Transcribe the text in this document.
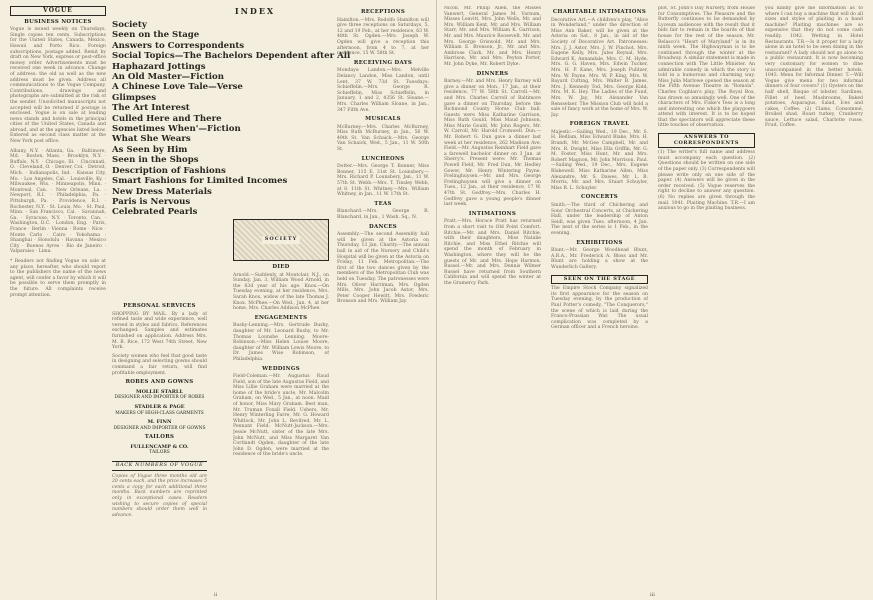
VOGUE
BUSINESS NOTICES
Vogue is issued weekly on Thursdays. Single copies ten cents. Subscriptions for the United States, Canada, Mexico, Hawaii and Porto Rico. Foreign subscriptions, postage added. Remit by draft on New York, express or post-office money order. Advertisements must be received one week in advance. Change of address: the old as well as the new address must be given. Address all communications to the Vogue Company. Contributions, drawings and photographs are submitted at the risk of the sender. Unsolicited manuscripts not accepted will be returned if postage is enclosed. Vogue is on sale at leading news stands and hotels in the principal cities of the United States, Canada and abroad, and at the agencies listed below. Entered as second class matter at the New York post office.
Albany, N.Y. · Atlanta, Ga. · Baltimore, Md. · Boston, Mass. · Brooklyn, N.Y. · Buffalo, N.Y. · Chicago, Ill. · Cincinnati, O. · Cleveland, O. · Denver, Col. · Detroit, Mich. · Indianapolis, Ind. · Kansas City, Mo. · Los Angeles, Cal. · Louisville, Ky. · Milwaukee, Wis. · Minneapolis, Minn. · Montreal, Can. · New Orleans, La. · Newport, R.I. · Philadelphia, Pa. · Pittsburgh, Pa. · Providence, R.I. · Rochester, N.Y. · St. Louis, Mo. · St. Paul, Minn. · San Francisco, Cal. · Savannah, Ga. · Syracuse, N.Y. · Toronto, Can. · Washington, D.C. · London, Eng. · Paris, France · Berlin · Vienna · Rome · Nice · Monte Carlo · Cairo · Yokohama · Shanghai · Honolulu · Havana · Mexico City · Buenos Ayres · Rio de Janeiro · Valparaiso · Lima.
* Readers not finding Vogue on sale at any place, hereafter, who should report to the publishers the name of the news agent, will confer a favor by which it will be possible to serve them promptly in the future. All complaints receive prompt attention.
PERSONAL SERVICES
SHOPPING BY MAIL. By a lady of refined taste and wide experience, well versed in styles and fabrics. References exchanged. Samples and estimates furnished on application. Address Mrs. M. B. Rice, 172 West 74th Street, New York.
Society women who feel that good taste in designing and selecting gowns should command a fair return, will find profitable employment.
ROBES AND GOWNS
MOLLIE STARLL
DESIGNER AND IMPORTER OF ROBES
STADLER & PAGE
MAKERS OF HIGH-CLASS GARMENTS
M. FINN
DESIGNER AND IMPORTER OF GOWNS
TAILORS
FULLENCAMP & CO.
TAILORS
BACK NUMBERS OF VOGUE
Copies of Vogue three months old are 20 cents each, and the price increases 5 cents a copy for each additional three months. Back numbers are reprinted only in exceptional cases. Readers wishing to secure copies of special numbers should order them well in advance.
INDEX
Society
Seen on the Stage
Answers to Correspondents
Social Topics—The Bachelors Dependent after All
Haphazard Jottings
An Old Master—Fiction
A Chinese Love Tale—Verse
Glimpses
The Art Interest
Culled Here and There
Sometimes When'—Fiction
What She Wears
As Seen by Him
Seen in the Shops
Description of Fashions
Smart Fashions for Limited Incomes
New Dress Materials
Paris is Nervous
Celebrated Pearls
SOCIETY
DIED
Arnold.—Suddenly, at Montclair, N.J., on Sunday, Jan. 3, William Wood Arnold, in the 63d year of his age. Knox.—On Tuesday evening, at her residence, Mrs. Sarah Knox, widow of the late Thomas J. Knox. McPhee.—On Wed., Jan. 4, at her home, Mrs. Charles Addison McPhee.
ENGAGEMENTS
Bushy-Lenning.—Mrs. Gertrude Bushy, daughter of Mr. Leonard Bushy, to Mr. Thomas Lounsbe Lenning. Moore-Robinson.—Miss Helen Louise Moore, daughter of Mr. William Lewis Moore, to Dr. James Wise Robinson, of Philadelphia.
WEDDINGS
Field-Coleman.—Mr. Augustus Raud Field, son of the late Augustus Field, and Miss Lillie Graham were married at the home of the bride's uncle, Mr. Malcolm Graham, on Wed., 5 Jan., at noon. Maid of honor, Miss Mary Graham. Best man, Mr. Truman Foxall Field. Ushers, Mr. Henry Winterling Farre, Mr. G. Howard Whitlock, Mr. John L. Revilred, Mr. L. Pennant Field. McNutt-Jackson.—Mrs. Jessie McNutt, sister of the late Mrs. John McNutt, and Miss Margaret Van Cortlandt Ogden, daughter of the late John D. Ogden, were married at the residence of the bride's uncle.
RECEPTIONS
Hamilton.—Mrs. Rodolfo Hamilton will give three receptions on Saturdays, 5, 12 and 19 Feb., at her residence, 63 W. 48th St. Ogden.—Mrs. Joseph W. Ogden will give a reception this afternoon, from 4 to 7, at her residence, 15 W. 58th St.
RECEIVING DAYS
Mondays: Landon.—Mrs. Melville Delancy Landon, Miss Landon, until Lent, 37 W. 73d St. Tuesdays: Schieffelin.—Mrs. George R. Schieffelin, Miss Schieffelin, in January, 1 and 2, 4356 St. Sloane.—Mrs. Charles William Sloane, in Jan., 347 Fifth Ave.
MUSICALS
McBurney.—Mrs. Charles McBurney, Miss Ruth McBurney, in Jan., 56 W. 49th St. Van Schaick.—Mrs. George Van Schaick, Wed., 5 Jan., 11 W. 50th St.
LUNCHEONS
Dotter.—Mrs. George T. Bonner, Miss Bonner, 115 E. 31st St. Lounsbery.—Mrs. Richard P. Lounsbery, Jan., 11 W. 57th St. Webb.—Mrs. T. Tinsley Webb, at 8. 11th St. Whitney.—Mrs. William Whitney, in Jan., 11 W. 17th St.
TEAS
Blanchard.—Mrs. George R. Blanchard, in Jan., 1 Wash. Sq., N.
DANCES
Assembly.—The second Assembly ball will be given at the Astoria on Thursday, 13 Jan. Charity.—The annual ball in aid of the Nursery and Child's Hospital will be given at the Astoria on Friday, 11 Feb. Metropolitan.—The first of the two dances given by the members of the Metropolitan Club was held on Tuesday. The patronesses were Mrs. Oliver Harriman, Mrs. Ogden Mills, Mrs. John Jacob Astor, Mrs. Peter Cooper Hewitt, Mrs. Frederic Bronson and Mrs. William Jay.
Nicoll, Mr. Philip Allen, the Misses Vanwert, General James M. Varnum, Misses Leavitt, Mrs. John Wells, Mr. and Mrs. William Kent, Mr. and Mrs. William Starr, Mr. and Mrs. William K. Garrison, Mr. and Mrs. Maurice Roosevelt, Mr. and Mrs. George Griswold, Mr. and Mrs. William E. Bronson, Jr., Mr. and Mrs. Ambrose Clark, Mr. and Mrs. Henry Harrison, Mr. and Mrs. Peyton Porter, Mr. John Dyke, Mr. Robert Dyke.
DINNERS
Barney.—Mr. and Mrs. Henry Barney will give a dinner on Mon., 17 Jan., at their residence, 77 W. 58th St. Carroll.—Mr. and Mrs. Charles Carroll of Baltimore gave a dinner on Thursday, before the Richmond County Horse Club ball. Guests were Miss Katharine Garrison, Miss Ruth Gould, Miss Maud Johnson, Miss Marie Gould, Mr. John Rogers, Mr. W. Carroll, Mr. Harold Cromwell. Dun.—Mr. Robert G. Dun gave a dinner last week at her residence, 262 Madison Ave. Field.—Mr. Augustus Reinhart Field gave a farewell bachelor dinner on 3 Jan. at Sherry's. Present were: Mr. Thomas Powell Field, Mr. Fred Dun, Mr. Hedley Gower, Mr. Henry Wintering Payne. Frelinghuysen.—Mr. and Mrs. George Frelinghuysen will give a dinner on Tues., 12 Jan., at their residence, 17 W. 47th St. Godfrey.—Mrs. Charles H. Godfrey gave a young people's dinner last week.
INTIMATIONS
Pratt.—Mrs. Horace Pratt has returned from a short visit to Old Point Comfort. Ritchie.—Mr. and Mrs. Daniel Ritchie, with their daughters, Miss Natalie Ritchie, and Miss Ethel Ritchie will spend the month of February in Washington, where they will be the guests of Mr. and Mrs. Hope Harmon. Russel.—Mr. and Mrs. Dennis Wilmer Russel have returned from Southern California and will spend the winter at the Gramercy Park.
CHARITABLE INTIMATIONS
Decorative Art.—A children's play, "Alice in Wonderland," under the direction of Miss Ann Baker, will be given at the Astoria on Sat., 8 Jan., in aid of the Society of Decorative Art. Patronesses: Mrs. J. J. Astor, Mrs. J. W. Pinchot, Mrs. Eugene Kelly, Mrs. Jules Reynal, Mrs. Edward K. Annandale, Mrs. C. M. Hyde, Mrs. G. G. Haven, Mrs. Edwin Tucker, Mrs. H. P. Kane, Mrs. Joseph Pulitzer, Mrs. W. Payne, Mrs. W. P. King, Mrs. W. Bayard Cutting, Mrs. Walter B. James, Mrs. J. Kennedy Tod, Mrs. George Kidd, Mrs. M. K. Hey. The Ladies of the Fund, Mrs. W. Jay, Mr. Alexander Van Rensselaer. The Mission Club will hold a sale of fancy work at the home of Mrs. W. Jay.
FOREIGN TRAVEL
Majestic.—Sailing Wed., 19 Dec., Mr. S. H. Bedlam, Miss Edward Blake, Mrs. H. Brandt, Mr. McGee Campbell, Mr. and Mrs. R. Dwight, Miss Ella Griffin, Mr. G. M. Foster, Miss Hunt, Mr. and Mrs. Robert Magnon, Mr. John Morrison. Paul.—Sailing Wed., 19 Dec., Mrs. Eugene Blakewell, Miss Katharine Allen, Miss Alexandre, Mr. S. Dawes, Mr. L. B. Morris, Mr. and Mrs. Stuart Schuyler, Miss R. L. Schuyler.
CONCERTS
Smith.—The third of Chickering and Sons' Orchestral Concerts, at Chickering Hall, under the leadership of Anton Seidl, was given Tues. afternoon, 4 Jan. The next of the series is 1 Feb., in the evening.
EXHIBITIONS
Blunt.—Mr. George Woodhead Blunt, A.R.A., Mr. Frederick A. Bloss and Mr. Blunt are holding a show at the Wunderlich Gallery.
SEEN ON THE STAGE
The Empire Stock Company signalized its first appearance for the season on Tuesday evening, by the production of Paul Potter's comedy, "The Conquerors," the scene of which is laid during the Franco-Prussian War. The usual complication was completed by a German officer and a French heroine.
plot, St. John's Day Nursery, from House for Consumptives. The Pleasure and the Butterfly continues to be demanded by Lyceum audiences with the result that it bids fair to remain in the boards of that house for the rest of the season. Mr. Belasco's "Heart of Maryland" is in its ninth week. The Highwayman is to be continued through the winter at the Broadway. A similar statement is made in connection with The Little Minister. An admirable comedy in which the story is told in a humorous and charming way. Miss Julia Marlowe opened the season at the Fifth Avenue Theatre in "Romola". Charles Coghlan's play, The Royal Box, has drawn so amusingly well. One of the characters of Mrs. Fiske's Tess is a long and interesting one which the playgoers attend with interest. It is to be hoped that the spectators will appreciate these little touches of observation.
ANSWERS TO CORRESPONDENTS
(1) The writer's full name and address must accompany each question. (2) Questions should be written on one side of the paper only. (3) Correspondents will please write only on one side of the paper. (4) Answers will be given in the order received. (5) Vogue reserves the right to decline to answer any question. (6) No replies are given through the mail. 1041. Plaiting Machine. T.R.—I am anxious to go in the plaiting business.
you kindly give me information as to where I can buy a machine that will do all sizes and styles of plaiting in a hand machine? Plaiting machines are so expensive that they do not come cash readily. 1042. Wetting in Hotel Restaurants. T.R.—Is it proper for a lady alone in an hotel to be seen dining in the restaurant? A lady should not go alone to a public restaurant. It is now becoming very customary for women to dine unaccompanied in the better hotels. 1043. Menu for Informal Dinner. T.—Will Vogue give menu for two informal dinners of four covers? (1) Oysters on the half shell, Bisque of lobster, Sardines, Fillet of beef, Mushrooms, Baked potatoes, Asparagus, Salad, Ices and cakes, Coffee. (2) Clams, Consommé, Broiled shad, Roast turkey, Cranberry sauce, Lettuce salad, Charlotte russe, Fruit, Coffee.
ii	iii
